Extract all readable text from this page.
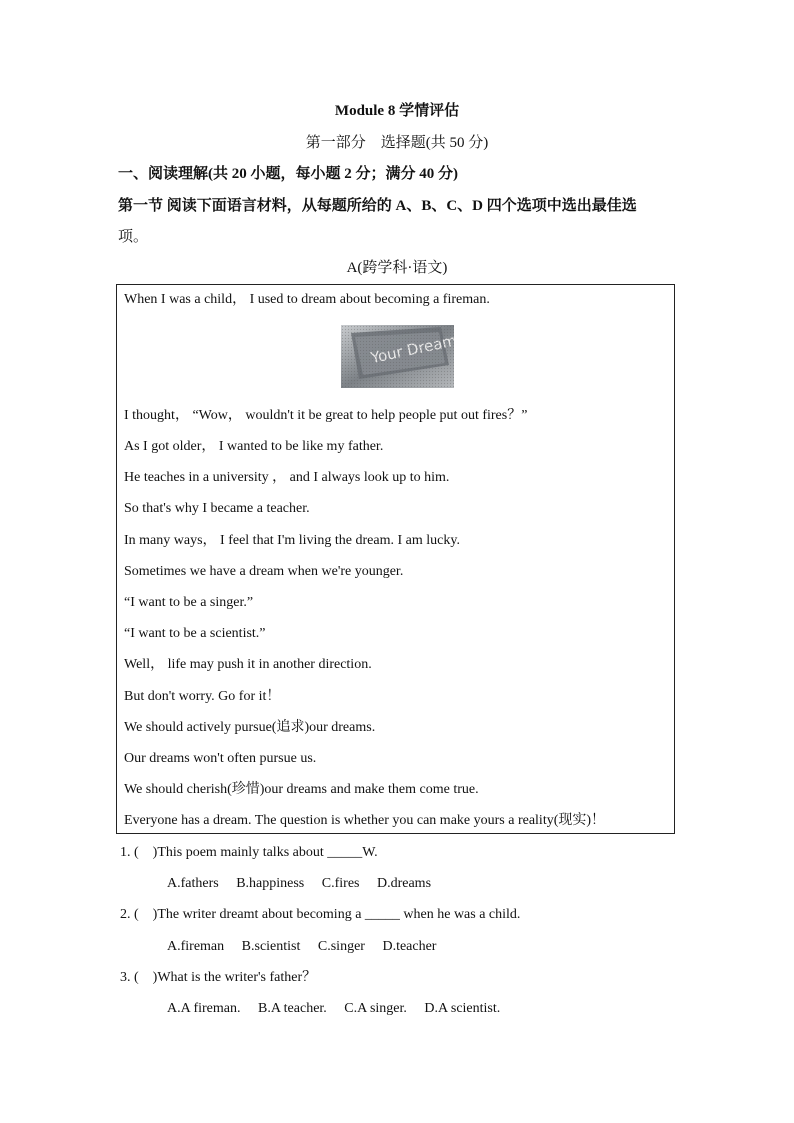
Module 8 学情评估
第一部分　选择题(共 50 分)
一、阅读理解(共 20 小题，每小题 2 分；满分 40 分)
第一节 阅读下面语言材料，从每题所给的 A、B、C、D 四个选项中选出最佳选
项。
A(跨学科·语文)
When I was a child， I used to dream about becoming a fireman.
I thought， “Wow， wouldn't it be great to help people put out fires？”
As I got older， I wanted to be like my father.
He teaches in a university ， and I always look up to him.
So that's why I became a teacher.
In many ways， I feel that I'm living the dream. I am lucky.
Sometimes we have a dream when we're younger.
“I want to be a singer.”
“I want to be a scientist.”
Well， life may push it in another direction.
But don't worry. Go for it！
We should actively pursue(追求)our dreams.
Our dreams won't often pursue us.
We should cherish(珍惜)our dreams and make them come true.
Everyone has a dream. The question is whether you can make yours a reality(现实)！
1. (　)This poem mainly talks about _____W.
A.fathers B.happiness C.fires D.dreams
2. (　)The writer dreamt about becoming a _____ when he was a child.
A.fireman B.scientist C.singer D.teacher
3. (　)What is the writer's father？
A.A fireman. B.A teacher. C.A singer. D.A scientist.
